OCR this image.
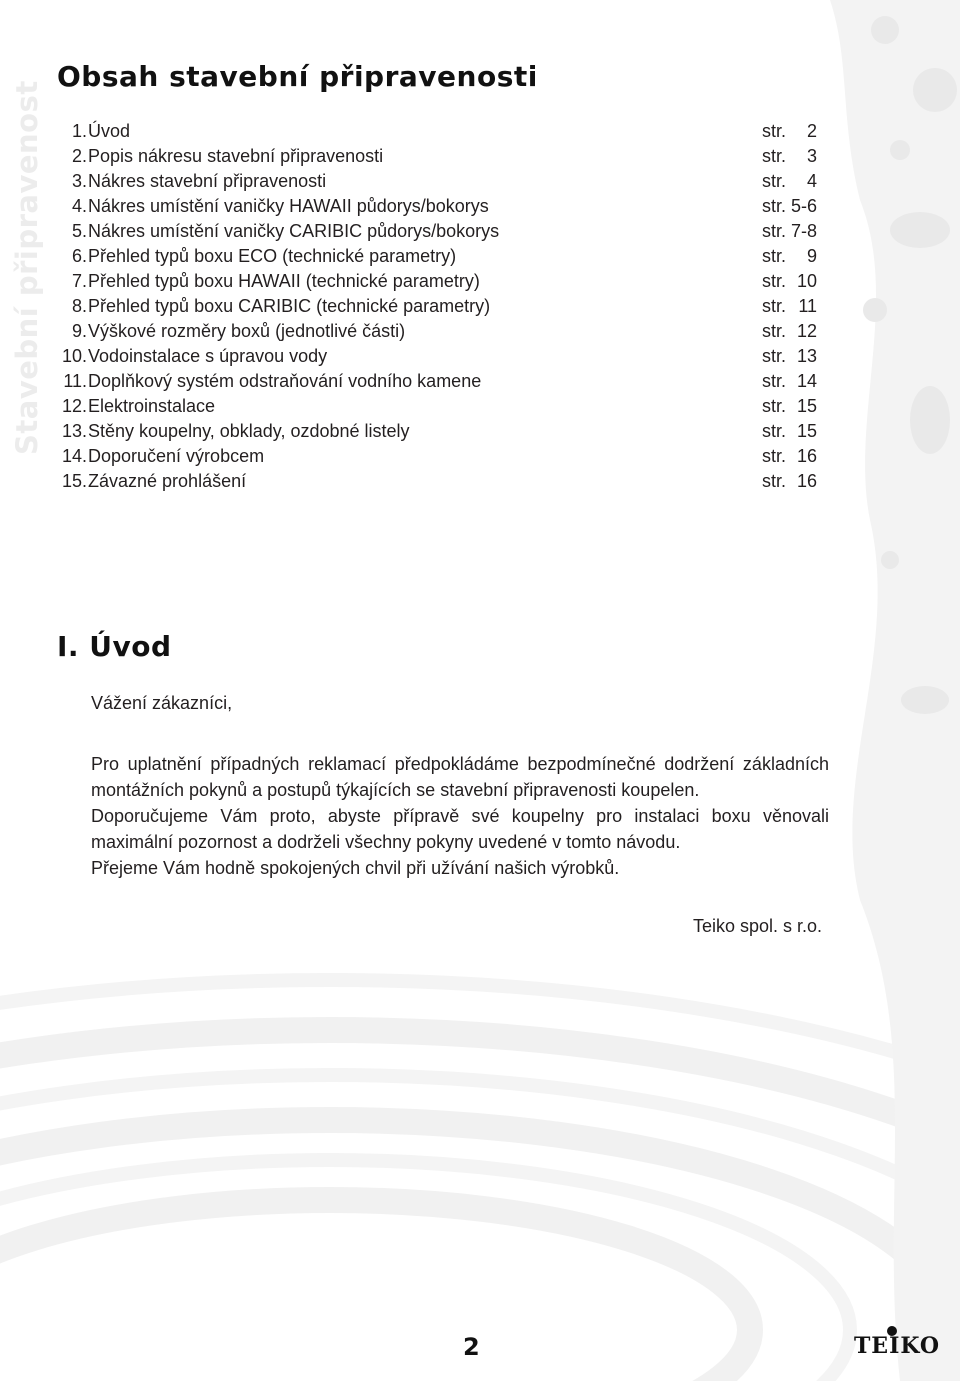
Stavební připravenost
Obsah stavební připravenosti
1. Úvod	str.	2
2. Popis nákresu stavební připravenosti	str.	3
3. Nákres stavební připravenosti	str.	4
4. Nákres umístění vaničky HAWAII půdorys/bokorys	str. 5-6
5. Nákres umístění vaničky CARIBIC půdorys/bokorys	str. 7-8
6. Přehled typů boxu ECO (technické parametry)	str.	9
7. Přehled typů boxu HAWAII (technické parametry)	str. 10
8. Přehled typů boxu CARIBIC (technické parametry)	str. 11
9. Výškové rozměry boxů (jednotlivé části)	str. 12
10. Vodoinstalace s úpravou vody	str. 13
11. Doplňkový systém odstraňování vodního kamene	str. 14
12. Elektroinstalace	str. 15
13. Stěny koupelny, obklady, ozdobné listely	str. 15
14. Doporučení výrobcem	str. 16
15. Závazné prohlášení	str. 16
I. Úvod

Vážení zákazníci,

Pro uplatnění případných reklamací předpokládáme bezpodmínečné dodržení základních montážních pokynů a postupů týkajících se stavební připravenosti koupelen.

Doporučujeme Vám proto, abyste přípravě své koupelny pro instalaci boxu věnovali maximální pozornost a dodrželi všechny pokyny uvedené v tomto návodu.

Přejeme Vám hodně spokojených chvil při užívání našich výrobků.

Teiko spol. s r.o.
2	TEIKO
